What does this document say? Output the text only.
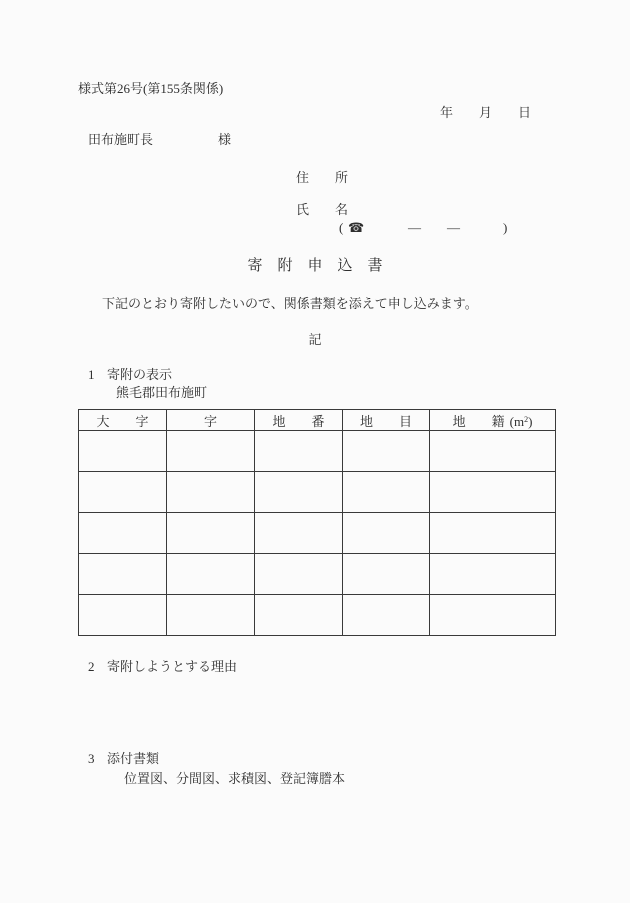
様式第26号(第155条関係)
年　　月　　日
田布施町長	様
住　　所
氏　　名
( ☎	— —	)
寄　附　申　込　書
下記のとおり寄附したいので、関係書類を添えて申し込みます。
記
1 寄附の表示
熊毛郡田布施町
大　　字	字	地　　番	地　　目	地　　籍 $(m^2)$

2 寄附しようとする理由
3 添付書類
位置図、分間図、求積図、登記簿謄本
